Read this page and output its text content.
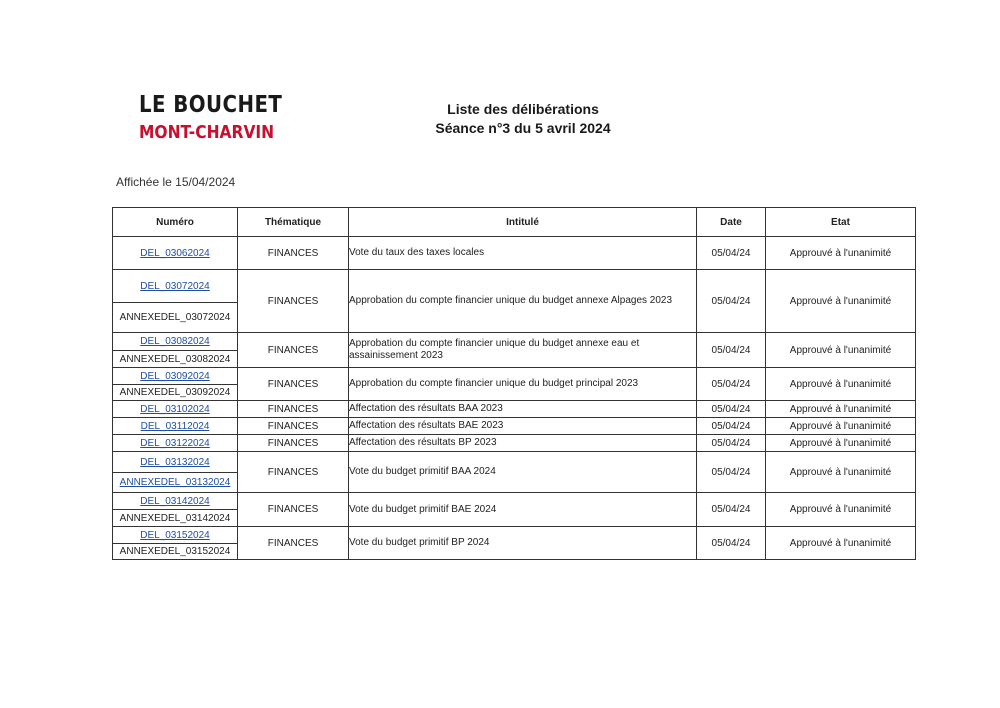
LE BOUCHET
MONT-CHARVIN
Liste des délibérations
Séance n°3 du 5 avril 2024
Affichée le 15/04/2024
Numéro	Thématique	Intitulé	Date	Etat

DEL_03062024	FINANCES	Vote du taux des taxes locales	05/04/24	Approuvé à l'unanimité

DEL_03072024
ANNEXEDEL_03072024	FINANCES	Approbation du compte financier unique du budget annexe Alpages 2023	05/04/24	Approuvé à l'unanimité

DEL_03082024
ANNEXEDEL_03082024	FINANCES	Approbation du compte financier unique du budget annexe eau et assainissement 2023	05/04/24	Approuvé à l'unanimité

DEL_03092024
ANNEXEDEL_03092024	FINANCES	Approbation du compte financier unique du budget principal 2023	05/04/24	Approuvé à l'unanimité

DEL_03102024	FINANCES	Affectation des résultats BAA 2023	05/04/24	Approuvé à l'unanimité

DEL_03112024	FINANCES	Affectation des résultats BAE 2023	05/04/24	Approuvé à l'unanimité

DEL_03122024	FINANCES	Affectation des résultats BP 2023	05/04/24	Approuvé à l'unanimité

DEL_03132024
ANNEXEDEL_03132024	FINANCES	Vote du budget primitif BAA 2024	05/04/24	Approuvé à l'unanimité

DEL_03142024
ANNEXEDEL_03142024	FINANCES	Vote du budget primitif BAE 2024	05/04/24	Approuvé à l'unanimité

DEL_03152024
ANNEXEDEL_03152024	FINANCES	Vote du budget primitif BP 2024	05/04/24	Approuvé à l'unanimité
